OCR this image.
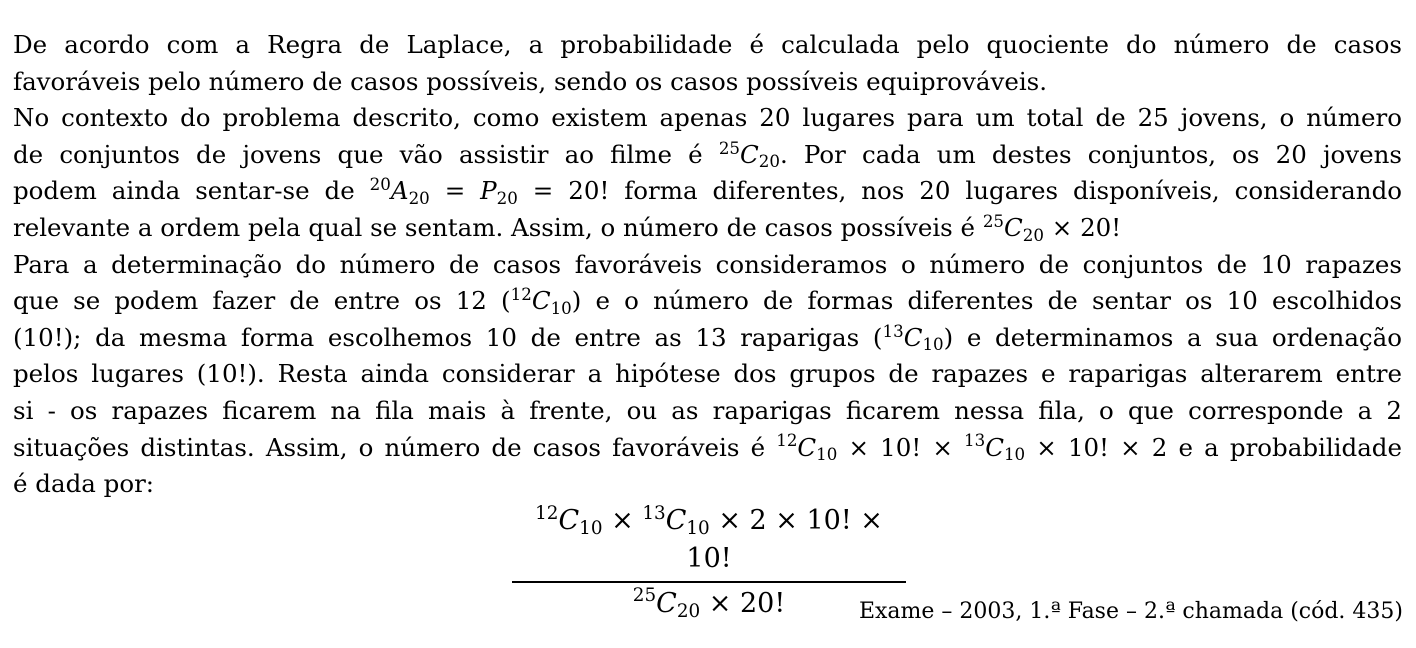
De acordo com a Regra de Laplace, a probabilidade é calculada pelo quociente do número de casos
favoráveis pelo número de casos possíveis, sendo os casos possíveis equiprováveis.

No contexto do problema descrito, como existem apenas 20 lugares para um total de 25 jovens, o número
de conjuntos de jovens que vão assistir ao filme é $^{25}C_{20}$. Por cada um destes conjuntos, os 20 jovens
podem ainda sentar-se de $^{20}A_{20} = P_{20} = 20$! forma diferentes, nos 20 lugares disponíveis, considerando
relevante a ordem pela qual se sentam. Assim, o número de casos possíveis é $^{25}C_{20} \times 20$!

Para a determinação do número de casos favoráveis consideramos o número de conjuntos de 10 rapazes
que se podem fazer de entre os 12 $(^{12}C_{10})$ e o número de formas diferentes de sentar os 10 escolhidos
(10!); da mesma forma escolhemos 10 de entre as 13 raparigas $(^{13}C_{10})$ e determinamos a sua ordenação
pelos lugares (10!). Resta ainda considerar a hipótese dos grupos de rapazes e raparigas alterarem entre
si - os rapazes ficarem na fila mais à frente, ou as raparigas ficarem nessa fila, o que corresponde a 2
situações distintas. Assim, o número de casos favoráveis é $^{12}C_{10} \times 10$! × $^{13}C_{10} \times 10$! × 2 e a probabilidade
é dada por:

$^{12}C_{10} \times ^{13}C_{10} \times 2 \times 10$! × 10!
$^{25}C_{20} \times 20$!	Exame – 2003, 1.ª Fase – 2.ª chamada (cód. 435)
